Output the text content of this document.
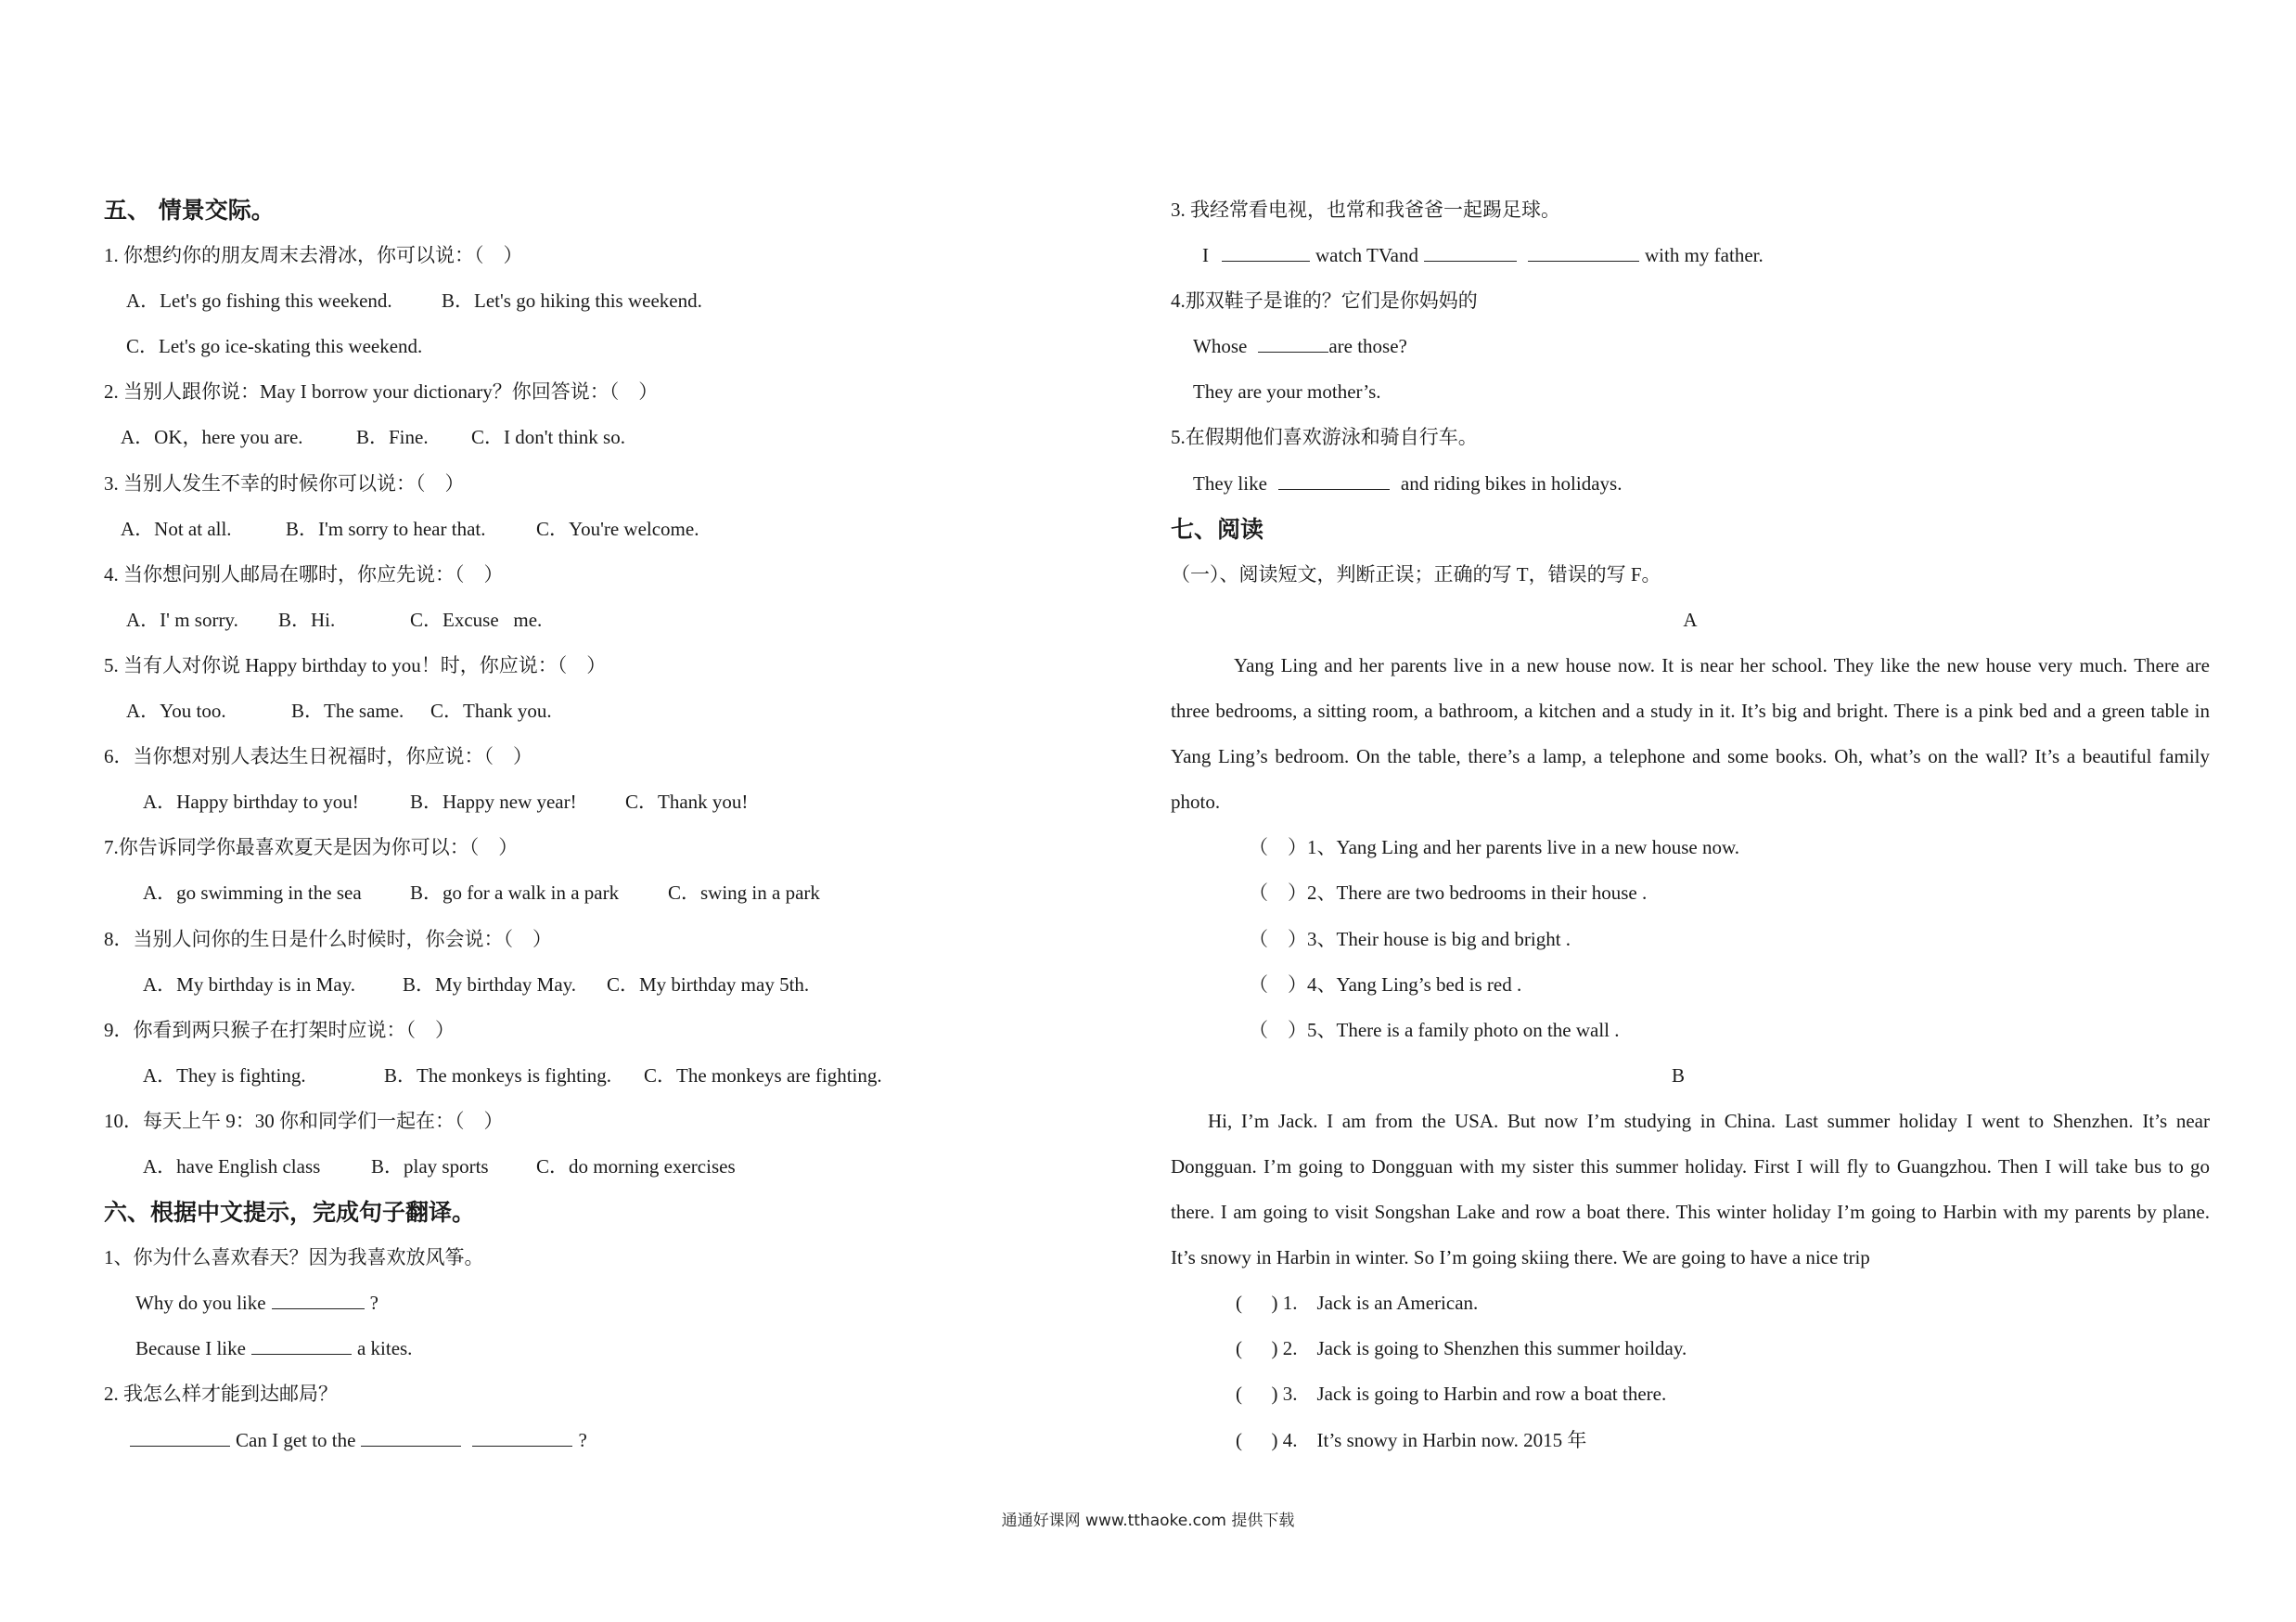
五、 情景交际。
1. 你想约你的朋友周末去滑冰，你可以说：（    ）
A．Let's go fishing this weekend.	B．Let's go hiking this weekend.
C．Let's go ice-skating this weekend.
2. 当别人跟你说：May I borrow your dictionary？你回答说：（    ）
A．OK，here you are.	B．Fine. C．I don't think so.
3. 当别人发生不幸的时候你可以说：（    ）
A．Not at all.	B．I'm sorry to hear that.	C．You're welcome.
4. 当你想问别人邮局在哪时，你应先说：（    ）
A．I' m sorry. B．Hi.	C．Excuse   me.
5. 当有人对你说 Happy birthday to you！时，你应说：（    ）
A．You too.	B．The same. C．Thank you.
6．当你想对别人表达生日祝福时，你应说：（    ）
A．Happy birthday to you!	B．Happy new year! C．Thank you!
7.你告诉同学你最喜欢夏天是因为你可以：（    ）
A．go swimming in the sea B．go for a walk in a park	C．swing in a park
8．当别人问你的生日是什么时候时，你会说：（    ）
A．My birthday is in May. B．My birthday May. C．My birthday may 5th.
9．你看到两只猴子在打架时应说：（    ）
A．They is fighting.	B．The monkeys is fighting. C．The monkeys are fighting.
10．每天上午 9：30 你和同学们一起在：（    ）
A．have English class	B．play sports C．do morning exercises
六、根据中文提示，完成句子翻译。
1、你为什么喜欢春天？因为我喜欢放风筝。
Why do you like	?
Because I like	a kites.
2. 我怎么样才能到达邮局？
Can I get to the	?
3. 我经常看电视，也常和我爸爸一起踢足球。
I	watch TVand	with my father.
4.那双鞋子是谁的？它们是你妈妈的
Whose	are those?
They are your mother’s.
5.在假期他们喜欢游泳和骑自行车。
They like	and riding bikes in holidays.
七、阅读
（一）、阅读短文，判断正误；正确的写 T，错误的写 F。
A
Yang Ling and her parents live in a new house now. It is near her school. They like the new house very much. There are three bedrooms, a sitting room, a bathroom, a kitchen and a study in it. It’s big and bright. There is a pink bed and a green table in Yang Ling’s bedroom. On the table, there’s a lamp, a telephone and some books. Oh, what’s on the wall? It’s a beautiful family photo.
（    ）1、Yang Ling and her parents live in a new house now.
（    ）2、There are two bedrooms in their house .
（    ）3、Their house is big and bright .
（    ）4、Yang Ling’s bed is red .
（    ）5、There is a family photo on the wall .
B
Hi, I’m Jack. I am from the USA. But now I’m studying in China. Last summer holiday I went to Shenzhen. It’s near Dongguan. I’m going to Dongguan with my sister this summer holiday. First I will fly to Guangzhou. Then I will take bus to go there. I am going to visit Songshan Lake and row a boat there. This winter holiday I’m going to Harbin with my parents by plane. It’s snowy in Harbin in winter. So I’m going skiing there. We are going to have a nice trip
(      ) 1.    Jack is an American.
(      ) 2.    Jack is going to Shenzhen this summer hoilday.
(      ) 3.    Jack is going to Harbin and row a boat there.
(      ) 4.    It’s snowy in Harbin now. 2015 年
通通好课网 www.tthaoke.com 提供下载
